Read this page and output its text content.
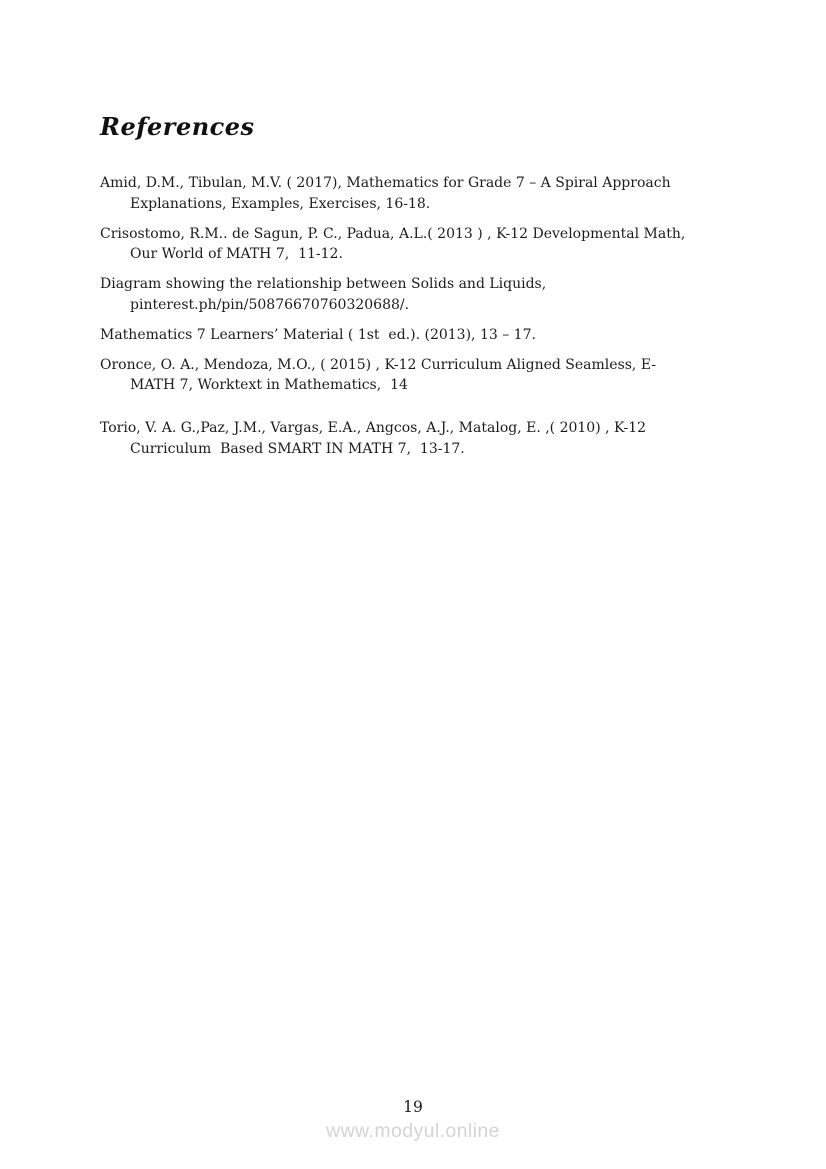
References

Amid, D.M., Tibulan, M.V. ( 2017), Mathematics for Grade 7 – A Spiral Approach
Explanations, Examples, Exercises, 16-18.

Crisostomo, R.M.. de Sagun, P. C., Padua, A.L.( 2013 ) , K-12 Developmental Math,
Our World of MATH 7,  11-12.

Diagram showing the relationship between Solids and Liquids,
pinterest.ph/pin/50876670760320688/.

Mathematics 7 Learners’ Material ( 1st  ed.). (2013), 13 – 17.

Oronce, O. A., Mendoza, M.O., ( 2015) , K-12 Curriculum Aligned Seamless, E-
MATH 7, Worktext in Mathematics,  14

Torio, V. A. G.,Paz, J.M., Vargas, E.A., Angcos, A.J., Matalog, E. ,( 2010) , K-12
Curriculum  Based SMART IN MATH 7,  13-17.

19
www.modyul.online
